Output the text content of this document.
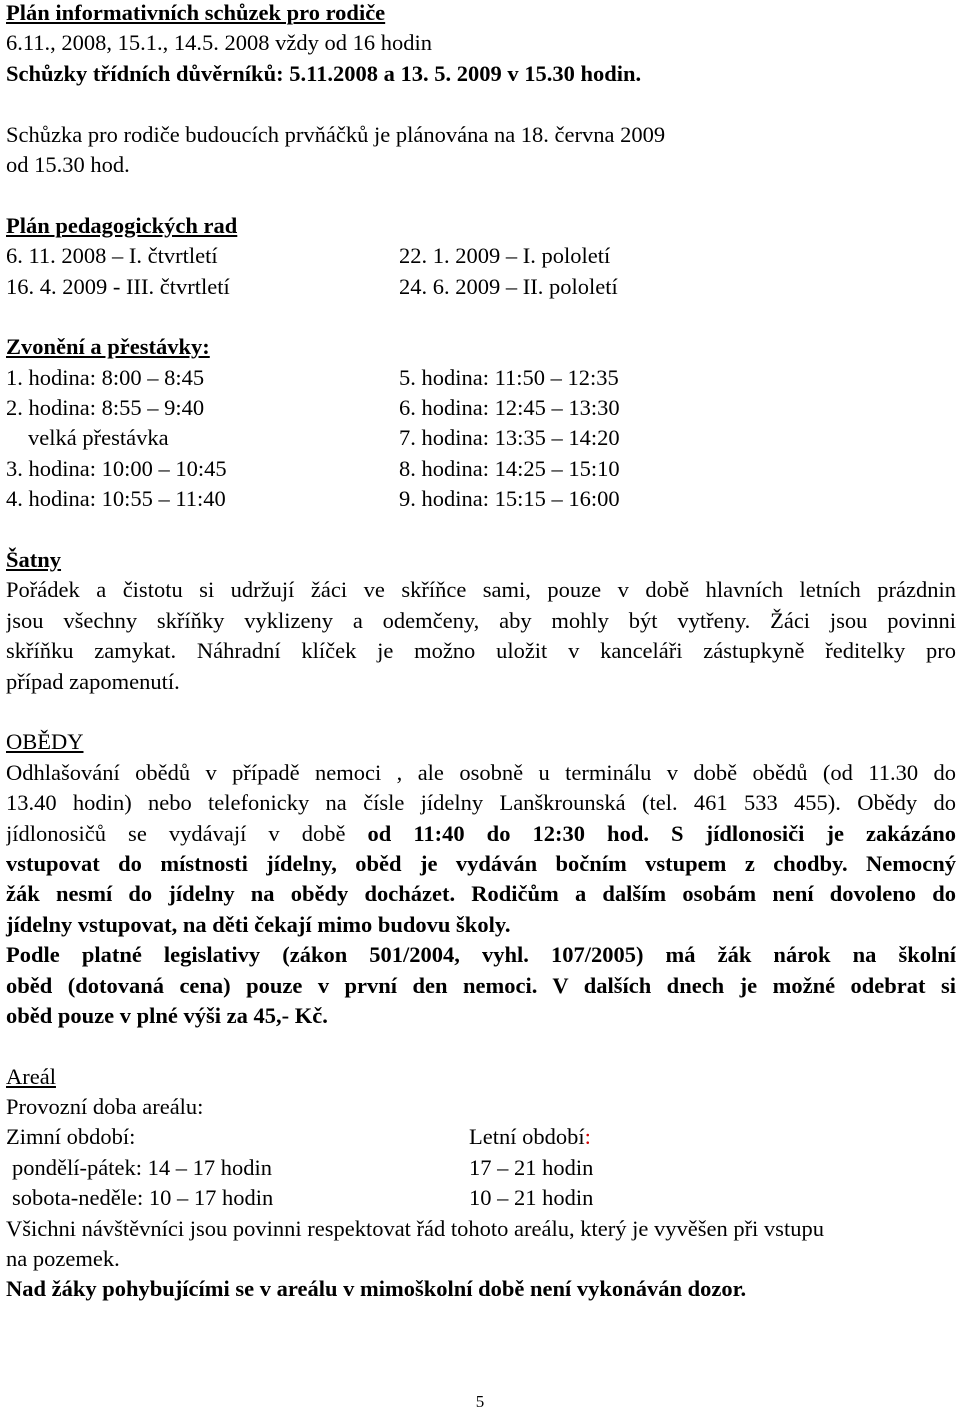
Plán informativních schůzek pro rodiče
6.11., 2008, 15.1., 14.5. 2008 vždy od 16 hodin
Schůzky třídních důvěrníků: 5.11.2008 a 13. 5. 2009 v 15.30 hodin.
Schůzka pro rodiče budoucích prvňáčků je plánována na 18. června 2009
od 15.30 hod.
Plán pedagogických rad
6. 11. 2008 – I. čtvrtletí	22. 1. 2009 – I. pololetí
16. 4. 2009 - III. čtvrtletí	24. 6. 2009 – II. pololetí
Zvonění a přestávky:
1. hodina: 8:00 – 8:45	5. hodina: 11:50 – 12:35
2. hodina: 8:55 – 9:40	6. hodina: 12:45 – 13:30
velká přestávka	7. hodina: 13:35 – 14:20
3. hodina: 10:00 – 10:45	8. hodina: 14:25 – 15:10
4. hodina: 10:55 – 11:40	9. hodina: 15:15 – 16:00
Šatny
Pořádek a čistotu si udržují žáci ve skříňce sami, pouze v době hlavních letních prázdnin
jsou všechny skříňky vyklizeny a odemčeny, aby mohly být vytřeny. Žáci jsou povinni
skříňku zamykat. Náhradní klíček je možno uložit v kanceláři zástupkyně ředitelky pro
případ zapomenutí.
OBĚDY
Odhlašování obědů v případě nemoci , ale osobně u terminálu v době obědů (od 11.30 do
13.40 hodin) nebo telefonicky na čísle jídelny Lanškrounská (tel. 461 533 455). Obědy do
jídlonosičů se vydávají v době od 11:40 do 12:30 hod. S jídlonosiči je zakázáno
vstupovat do místnosti jídelny, oběd je vydáván bočním vstupem z chodby. Nemocný
žák nesmí do jídelny na obědy docházet. Rodičům a dalším osobám není dovoleno do
jídelny vstupovat, na děti čekají mimo budovu školy.
Podle platné legislativy (zákon 501/2004, vyhl. 107/2005) má žák nárok na školní
oběd (dotovaná cena) pouze v první den nemoci. V dalších dnech je možné odebrat si
oběd pouze v plné výši za 45,- Kč.
Areál
Provozní doba areálu:
Zimní období:	Letní období:
pondělí-pátek: 14 – 17 hodin	17 – 21 hodin
sobota-neděle: 10 – 17 hodin	10 – 21 hodin
Všichni návštěvníci jsou povinni respektovat řád tohoto areálu, který je vyvěšen při vstupu
na pozemek.
Nad žáky pohybujícími se v areálu v mimoškolní době není vykonáván dozor.
5
